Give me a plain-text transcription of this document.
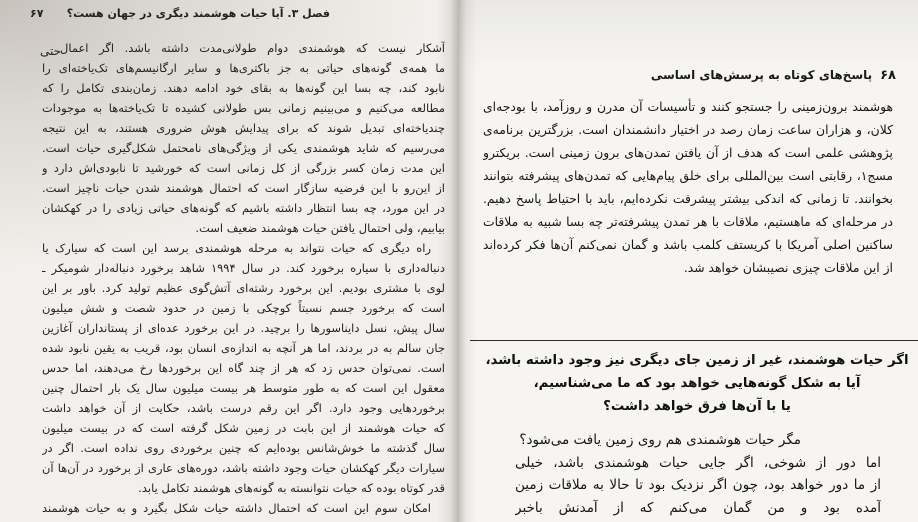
فصل ۳. آیا حیات هوشمند دیگری در جهان هست؟
۶۷
حتی
آشکار نیست که هوشمندی دوام طولانی‌مدت داشته باشد. اگر اعمال
ما همه‌ی گونه‌های حیاتی به جز باکتری‌ها و سایر ارگانیسم‌های تک‌یاخته‌ای را
نابود کند، چه بسا این گونه‌ها به بقای خود ادامه دهند. زمان‌بندی تکامل را که
مطالعه می‌کنیم و می‌بینیم زمانی بس طولانی کشیده تا تک‌یاخته‌ها به موجودات
چندیاخته‌ای تبدیل شوند که برای پیدایش هوش ضروری هستند، به این نتیجه
می‌رسیم که شاید هوشمندی یکی از ویژگی‌های نامحتمل شکل‌گیری حیات است.
این مدت زمان کسر بزرگی از کل زمانی است که خورشید تا نابودی‌اش دارد و
از این‌رو با این فرضیه سازگار است که احتمال هوشمند شدن حیات ناچیز است.
در این مورد، چه بسا انتظار داشته باشیم که گونه‌های حیاتی زیادی را در کهکشان
بیابیم، ولی احتمال یافتن حیات هوشمند ضعیف است.
راه دیگری که حیات نتواند به مرحله هوشمندی برسد این است که سیارک یا
دنباله‌داری با سیاره برخورد کند. در سال ۱۹۹۴ شاهد برخورد دنباله‌دار شومیکر ـ
لوی با مشتری بودیم. این برخورد رشته‌ای آتش‌گوی عظیم تولید کرد. باور بر این
است که برخورد جسم نسبتاً کوچکی با زمین در حدود شصت و شش میلیون
سال پیش، نسل دایناسورها را برچید. در این برخورد عده‌ای از پستانداران آغازین
جان سالم به در بردند، اما هر آنچه به اندازه‌ی انسان بود، قریب به یقین نابود شده
است. نمی‌توان حدس زد که هر از چند گاه این برخوردها رخ می‌دهند، اما حدس
معقول این است که به طور متوسط هر بیست میلیون سال یک بار احتمال چنین
برخوردهایی وجود دارد. اگر این رقم درست باشد، حکایت از آن خواهد داشت
که حیات هوشمند از این بابت در زمین شکل گرفته است که در بیست میلیون
سال گذشته ما خوش‌شانس بوده‌ایم که چنین برخوردی روی نداده است. اگر در
سیارات دیگر کهکشان حیات وجود داشته باشد، دوره‌های عاری از برخورد در آن‌ها آن
قدر کوتاه بوده که حیات نتوانسته به گونه‌های هوشمند تکامل یابد.
امکان سوم این است که احتمال داشته حیات شکل بگیرد و به حیات هوشمند
۶۸
پاسخ‌های کوتاه به پرسش‌های اساسی
هوشمند برون‌زمینی را جستجو کنند و تأسیسات آن مدرن و روزآمد، با بودجه‌ای
کلان، و هزاران ساعت زمان رصد در اختیار دانشمندان است. بزرگترین برنامه‌ی
پژوهشی علمی است که هدف از آن یافتن تمدن‌های برون زمینی است. بریکترو
مسج۱، رقابتی است بین‌المللی برای خلق پیام‌هایی که تمدن‌های پیشرفته بتوانند
بخوانند. تا زمانی که اندکی بیشتر پیشرفت نکرده‌ایم، باید با احتیاط پاسخ دهیم.
در مرحله‌ای که ماهستیم، ملاقات با هر تمدن پیشرفته‌تر چه بسا شبیه به ملاقات
ساکنین اصلی آمریکا با کریستف کلمب باشد و گمان نمی‌کنم آن‌ها فکر کرده‌اند
از این ملاقات چیزی نصیبشان خواهد شد.
اگر حیات هوشمند، غیر از زمین جای دیگری نیز وجود داشته باشد،
آیا به شکل گونه‌هایی خواهد بود که ما می‌شناسیم،
یا با آن‌ها فرق خواهد داشت؟
مگر حیات هوشمندی هم روی زمین یافت می‌شود؟
اما دور از شوخی، اگر جایی حیات هوشمندی باشد، خیلی
از ما دور خواهد بود، چون اگر نزدیک بود تا حالا به ملاقات زمین
آمده بود و من گمان می‌کنم که از آمدنش باخبر
